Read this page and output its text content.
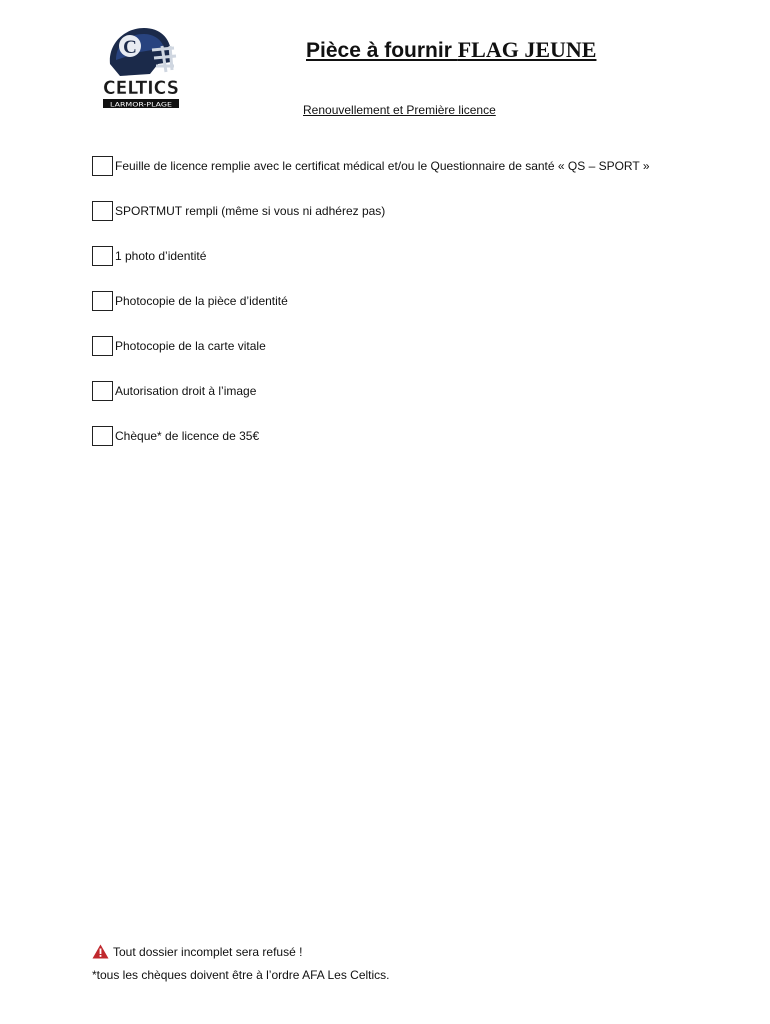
C
CELTICS
LARMOR-PLAGE
Pièce à fournir FLAG JEUNE
Renouvellement et Première licence
Feuille de licence remplie avec le certificat médical et/ou le Questionnaire de santé « QS – SPORT »
SPORTMUT rempli (même si vous ni adhérez pas)
1 photo d’identité
Photocopie de la pièce d’identité
Photocopie de la carte vitale
Autorisation droit à l’image
Chèque* de licence de 35€
Tout dossier incomplet sera refusé !
*tous les chèques doivent être à l’ordre AFA Les Celtics.
